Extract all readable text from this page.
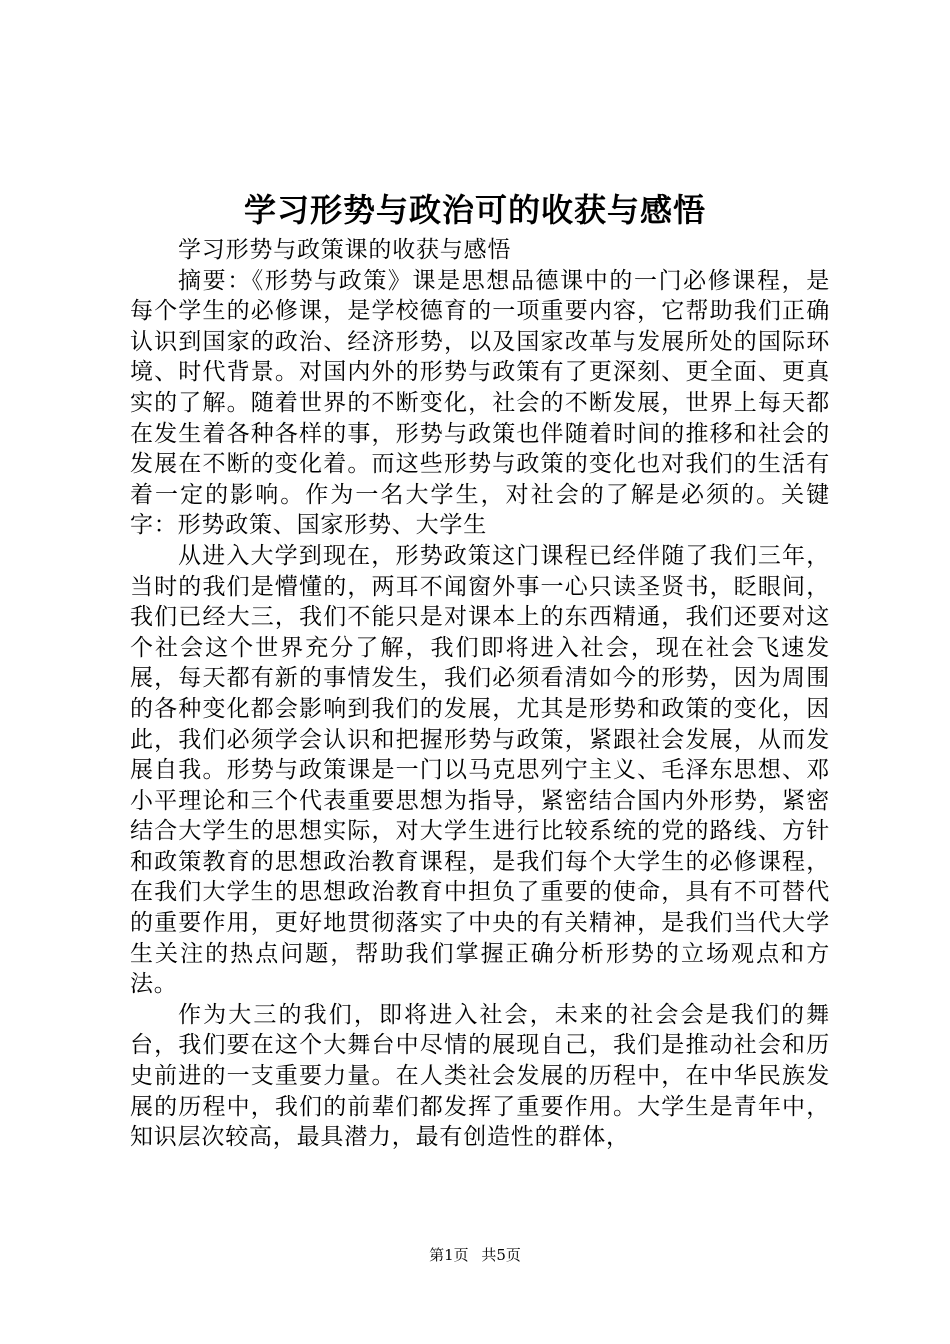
学习形势与政治可的收获与感悟

学习形势与政策课的收获与感悟

摘要：《形势与政策》课是思想品德课中的一门必修课程，是每个学生的必修课，是学校德育的一项重要内容，它帮助我们正确认识到国家的政治、经济形势，以及国家改革与发展所处的国际环境、时代背景。对国内外的形势与政策有了更深刻、更全面、更真实的了解。随着世界的不断变化，社会的不断发展，世界上每天都在发生着各种各样的事，形势与政策也伴随着时间的推移和社会的发展在不断的变化着。而这些形势与政策的变化也对我们的生活有着一定的影响。作为一名大学生，对社会的了解是必须的。关键字：形势政策、国家形势、大学生

从进入大学到现在，形势政策这门课程已经伴随了我们三年，当时的我们是懵懂的，两耳不闻窗外事一心只读圣贤书，眨眼间，我们已经大三，我们不能只是对课本上的东西精通，我们还要对这个社会这个世界充分了解，我们即将进入社会，现在社会飞速发展，每天都有新的事情发生，我们必须看清如今的形势，因为周围的各种变化都会影响到我们的发展，尤其是形势和政策的变化，因此，我们必须学会认识和把握形势与政策，紧跟社会发展，从而发展自我。形势与政策课是一门以马克思列宁主义、毛泽东思想、邓小平理论和三个代表重要思想为指导，紧密结合国内外形势，紧密结合大学生的思想实际，对大学生进行比较系统的党的路线、方针和政策教育的思想政治教育课程，是我们每个大学生的必修课程，在我们大学生的思想政治教育中担负了重要的使命，具有不可替代的重要作用，更好地贯彻落实了中央的有关精神，是我们当代大学生关注的热点问题，帮助我们掌握正确分析形势的立场观点和方法。

作为大三的我们，即将进入社会，未来的社会会是我们的舞台，我们要在这个大舞台中尽情的展现自己，我们是推动社会和历史前进的一支重要力量。在人类社会发展的历程中，在中华民族发展的历程中，我们的前辈们都发挥了重要作用。大学生是青年中，知识层次较高，最具潜力，最有创造性的群体，

第1页 共5页
